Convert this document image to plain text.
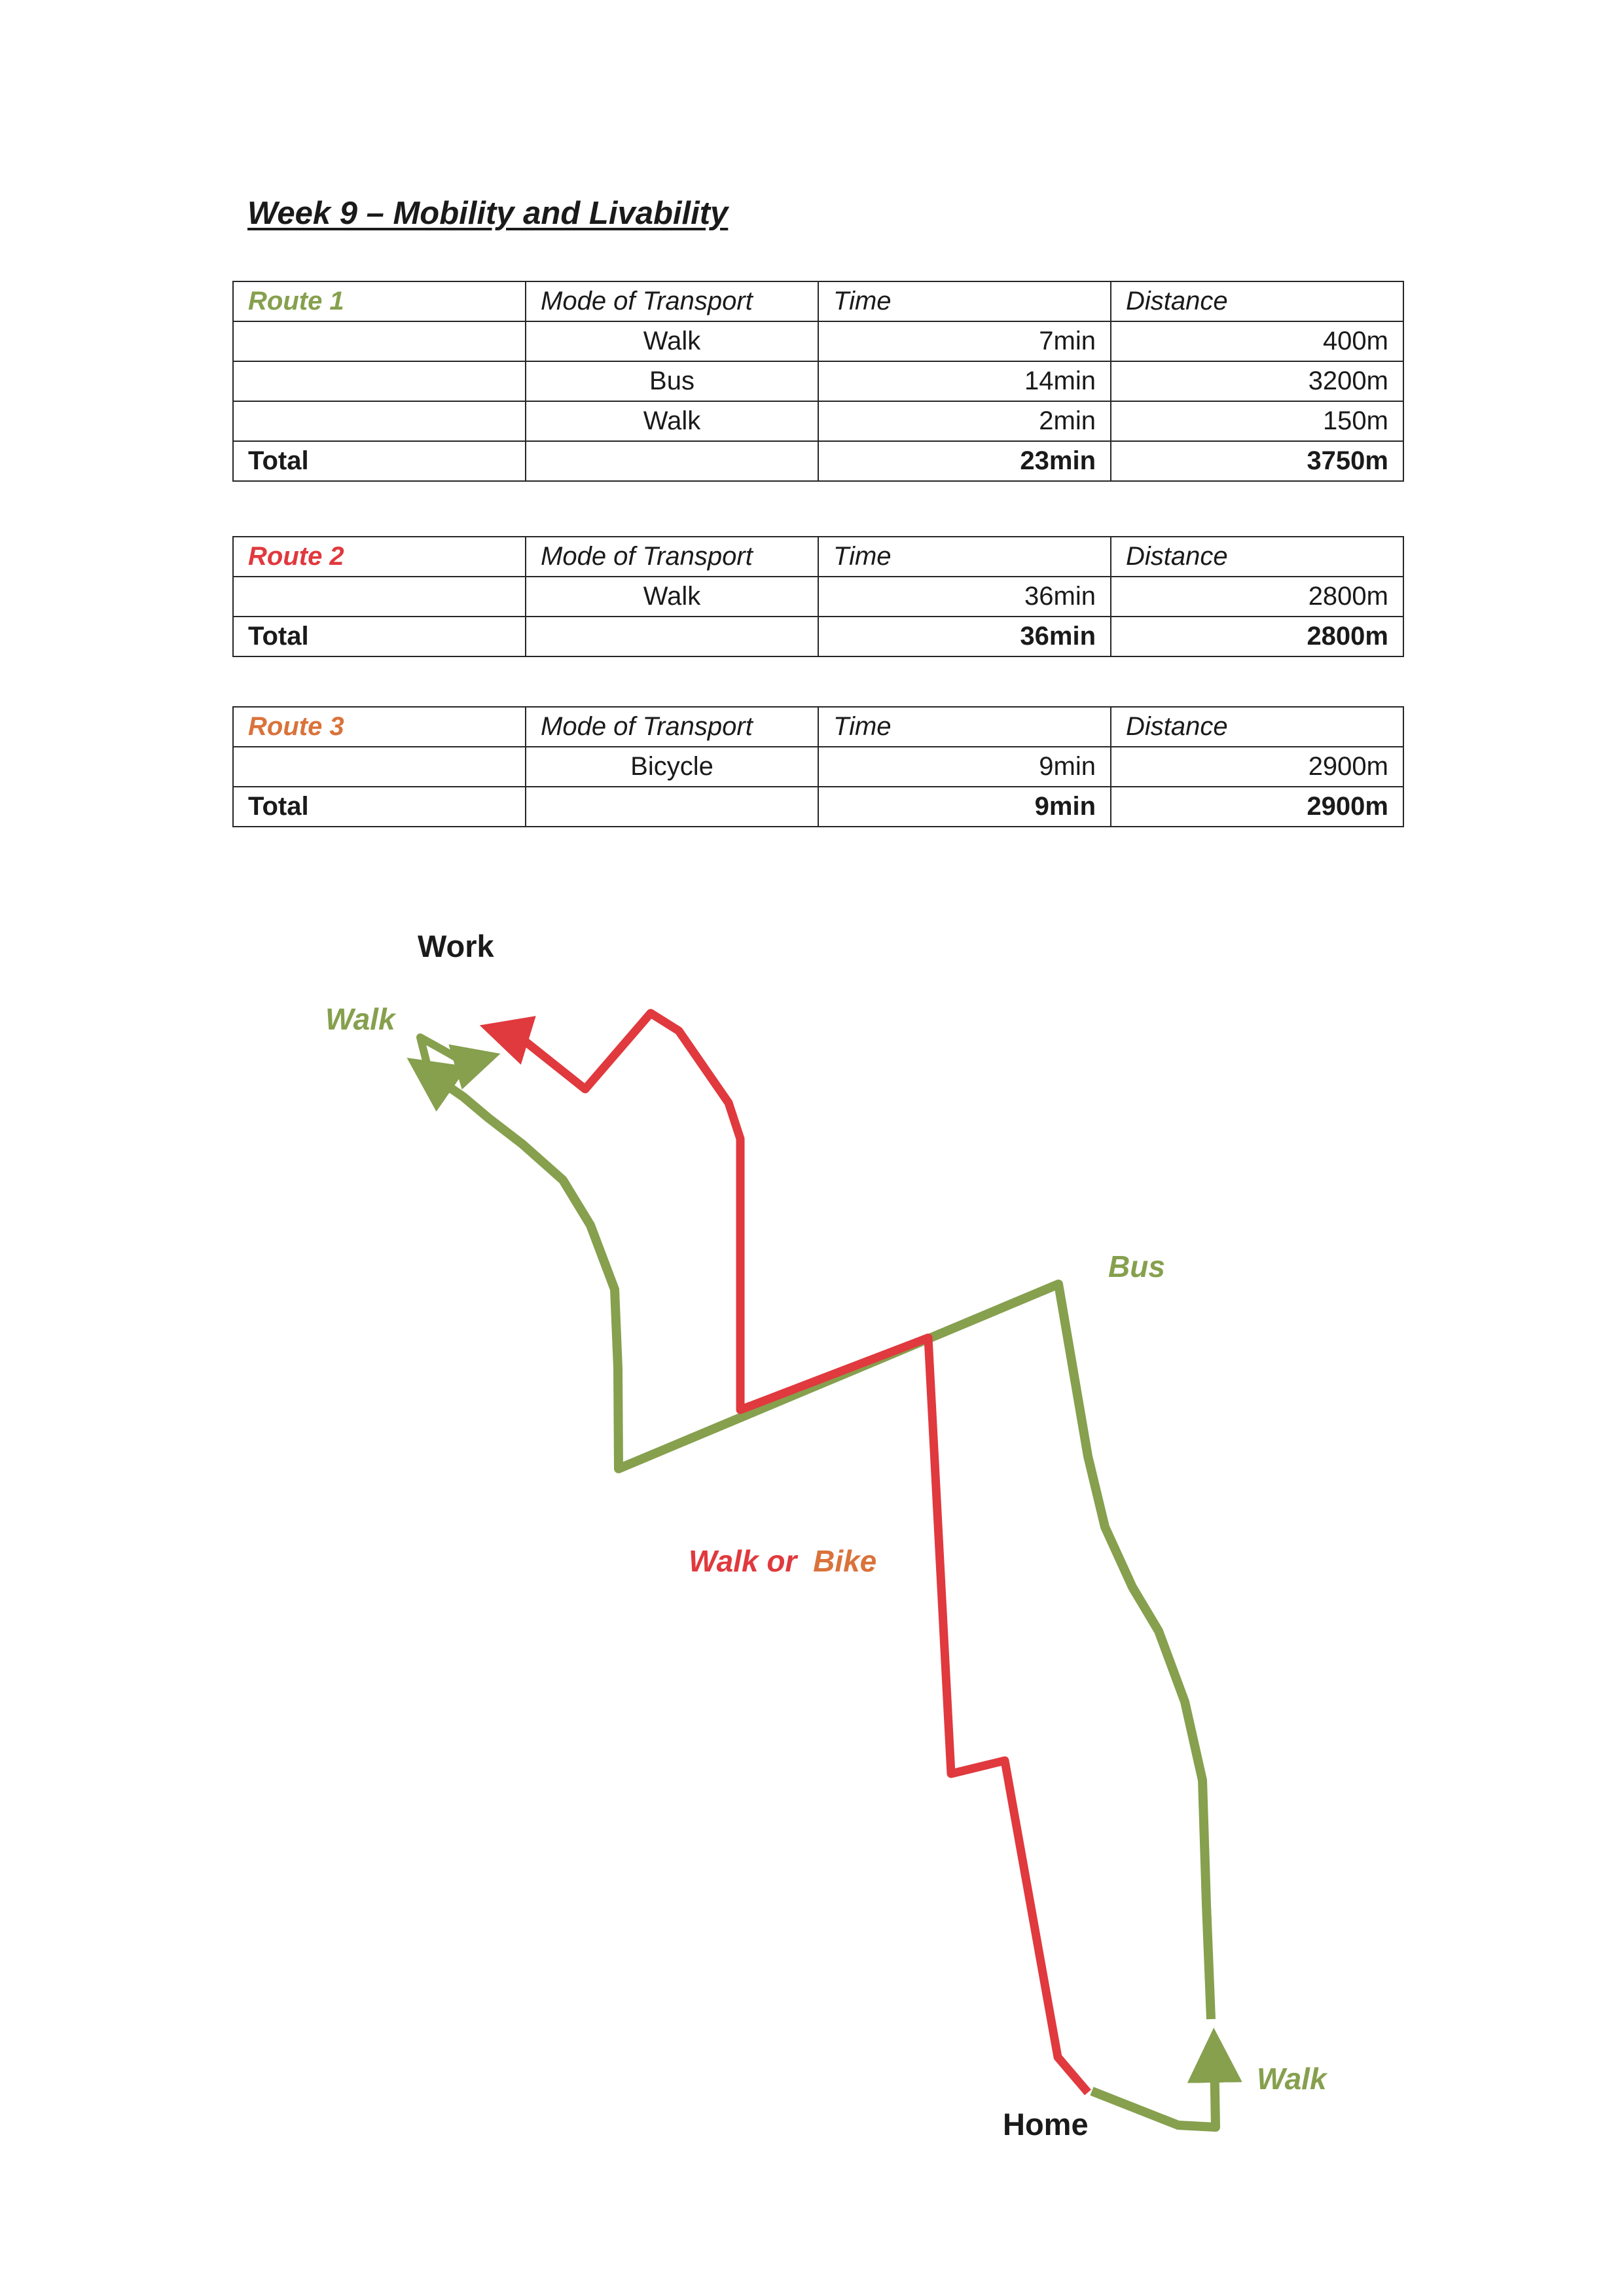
Week 9 – Mobility and Livability
Route 1	Mode of Transport	Time	Distance
	Walk	7min	400m
	Bus	14min	3200m
	Walk	2min	150m
Total		23min	3750m
Route 2	Mode of Transport	Time	Distance
	Walk	36min	2800m
Total		36min	2800m
Route 3	Mode of Transport	Time	Distance
	Bicycle	9min	2900m
Total		9min	2900m
Work
Home
Walk
Bus
Walk or Bike
Walk
